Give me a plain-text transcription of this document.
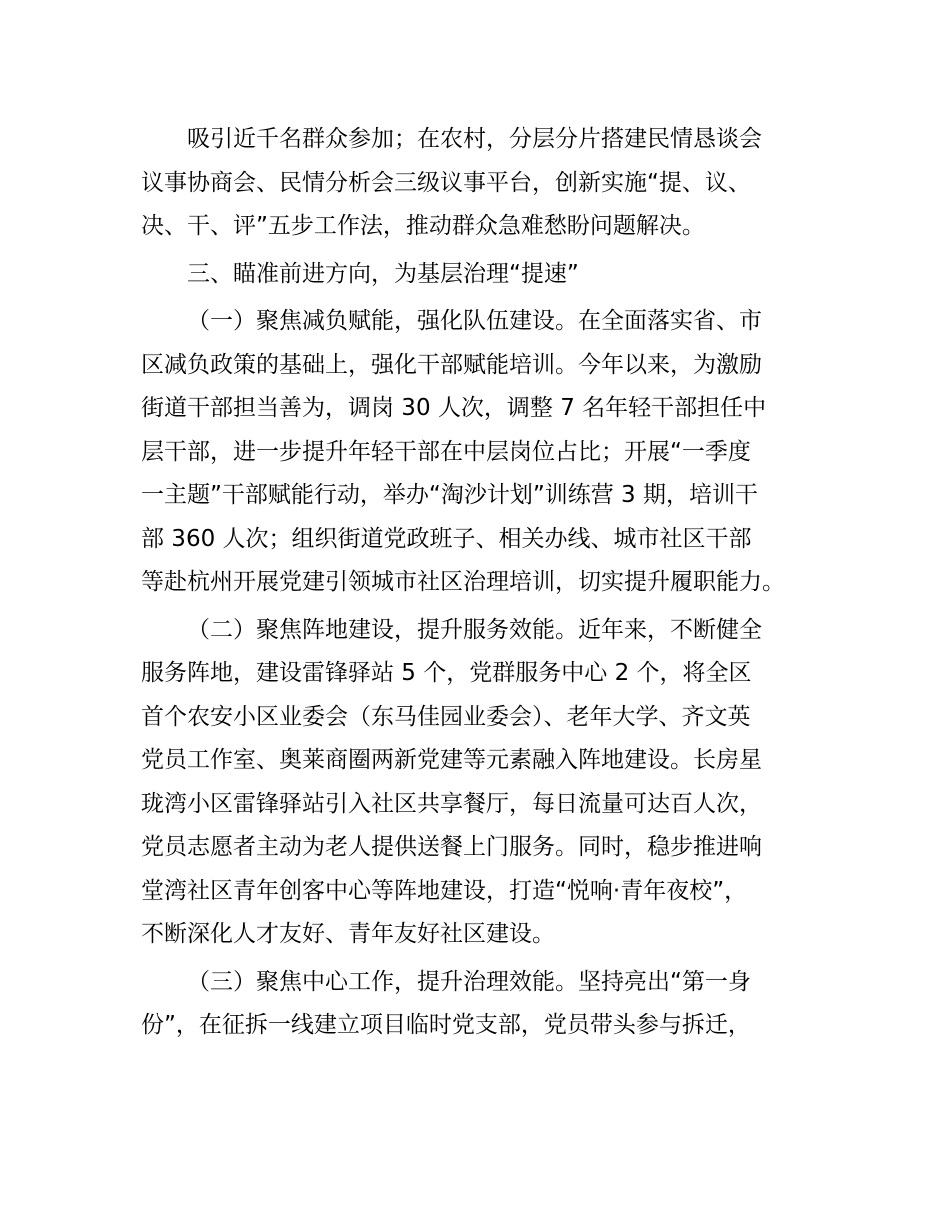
吸引近千名群众参加；在农村，分层分片搭建民情恳谈会
议事协商会、民情分析会三级议事平台，创新实施“提、议、
决、干、评”五步工作法，推动群众急难愁盼问题解决。

三、瞄准前进方向，为基层治理“提速”

（一）聚焦减负赋能，强化队伍建设。在全面落实省、市
区减负政策的基础上，强化干部赋能培训。今年以来，为激励
街道干部担当善为，调岗 30 人次，调整 7 名年轻干部担任中
层干部，进一步提升年轻干部在中层岗位占比；开展“一季度
一主题”干部赋能行动，举办“淘沙计划”训练营 3 期，培训干
部 360 人次；组织街道党政班子、相关办线、城市社区干部
等赴杭州开展党建引领城市社区治理培训，切实提升履职能力。

（二）聚焦阵地建设，提升服务效能。近年来，不断健全
服务阵地，建设雷锋驿站 5 个，党群服务中心 2 个，将全区
首个农安小区业委会（东马佳园业委会）、老年大学、齐文英
党员工作室、奥莱商圈两新党建等元素融入阵地建设。长房星
珑湾小区雷锋驿站引入社区共享餐厅，每日流量可达百人次，
党员志愿者主动为老人提供送餐上门服务。同时，稳步推进响
堂湾社区青年创客中心等阵地建设，打造“悦响·青年夜校”，
不断深化人才友好、青年友好社区建设。

（三）聚焦中心工作，提升治理效能。坚持亮出“第一身
份”，在征拆一线建立项目临时党支部，党员带头参与拆迁，
